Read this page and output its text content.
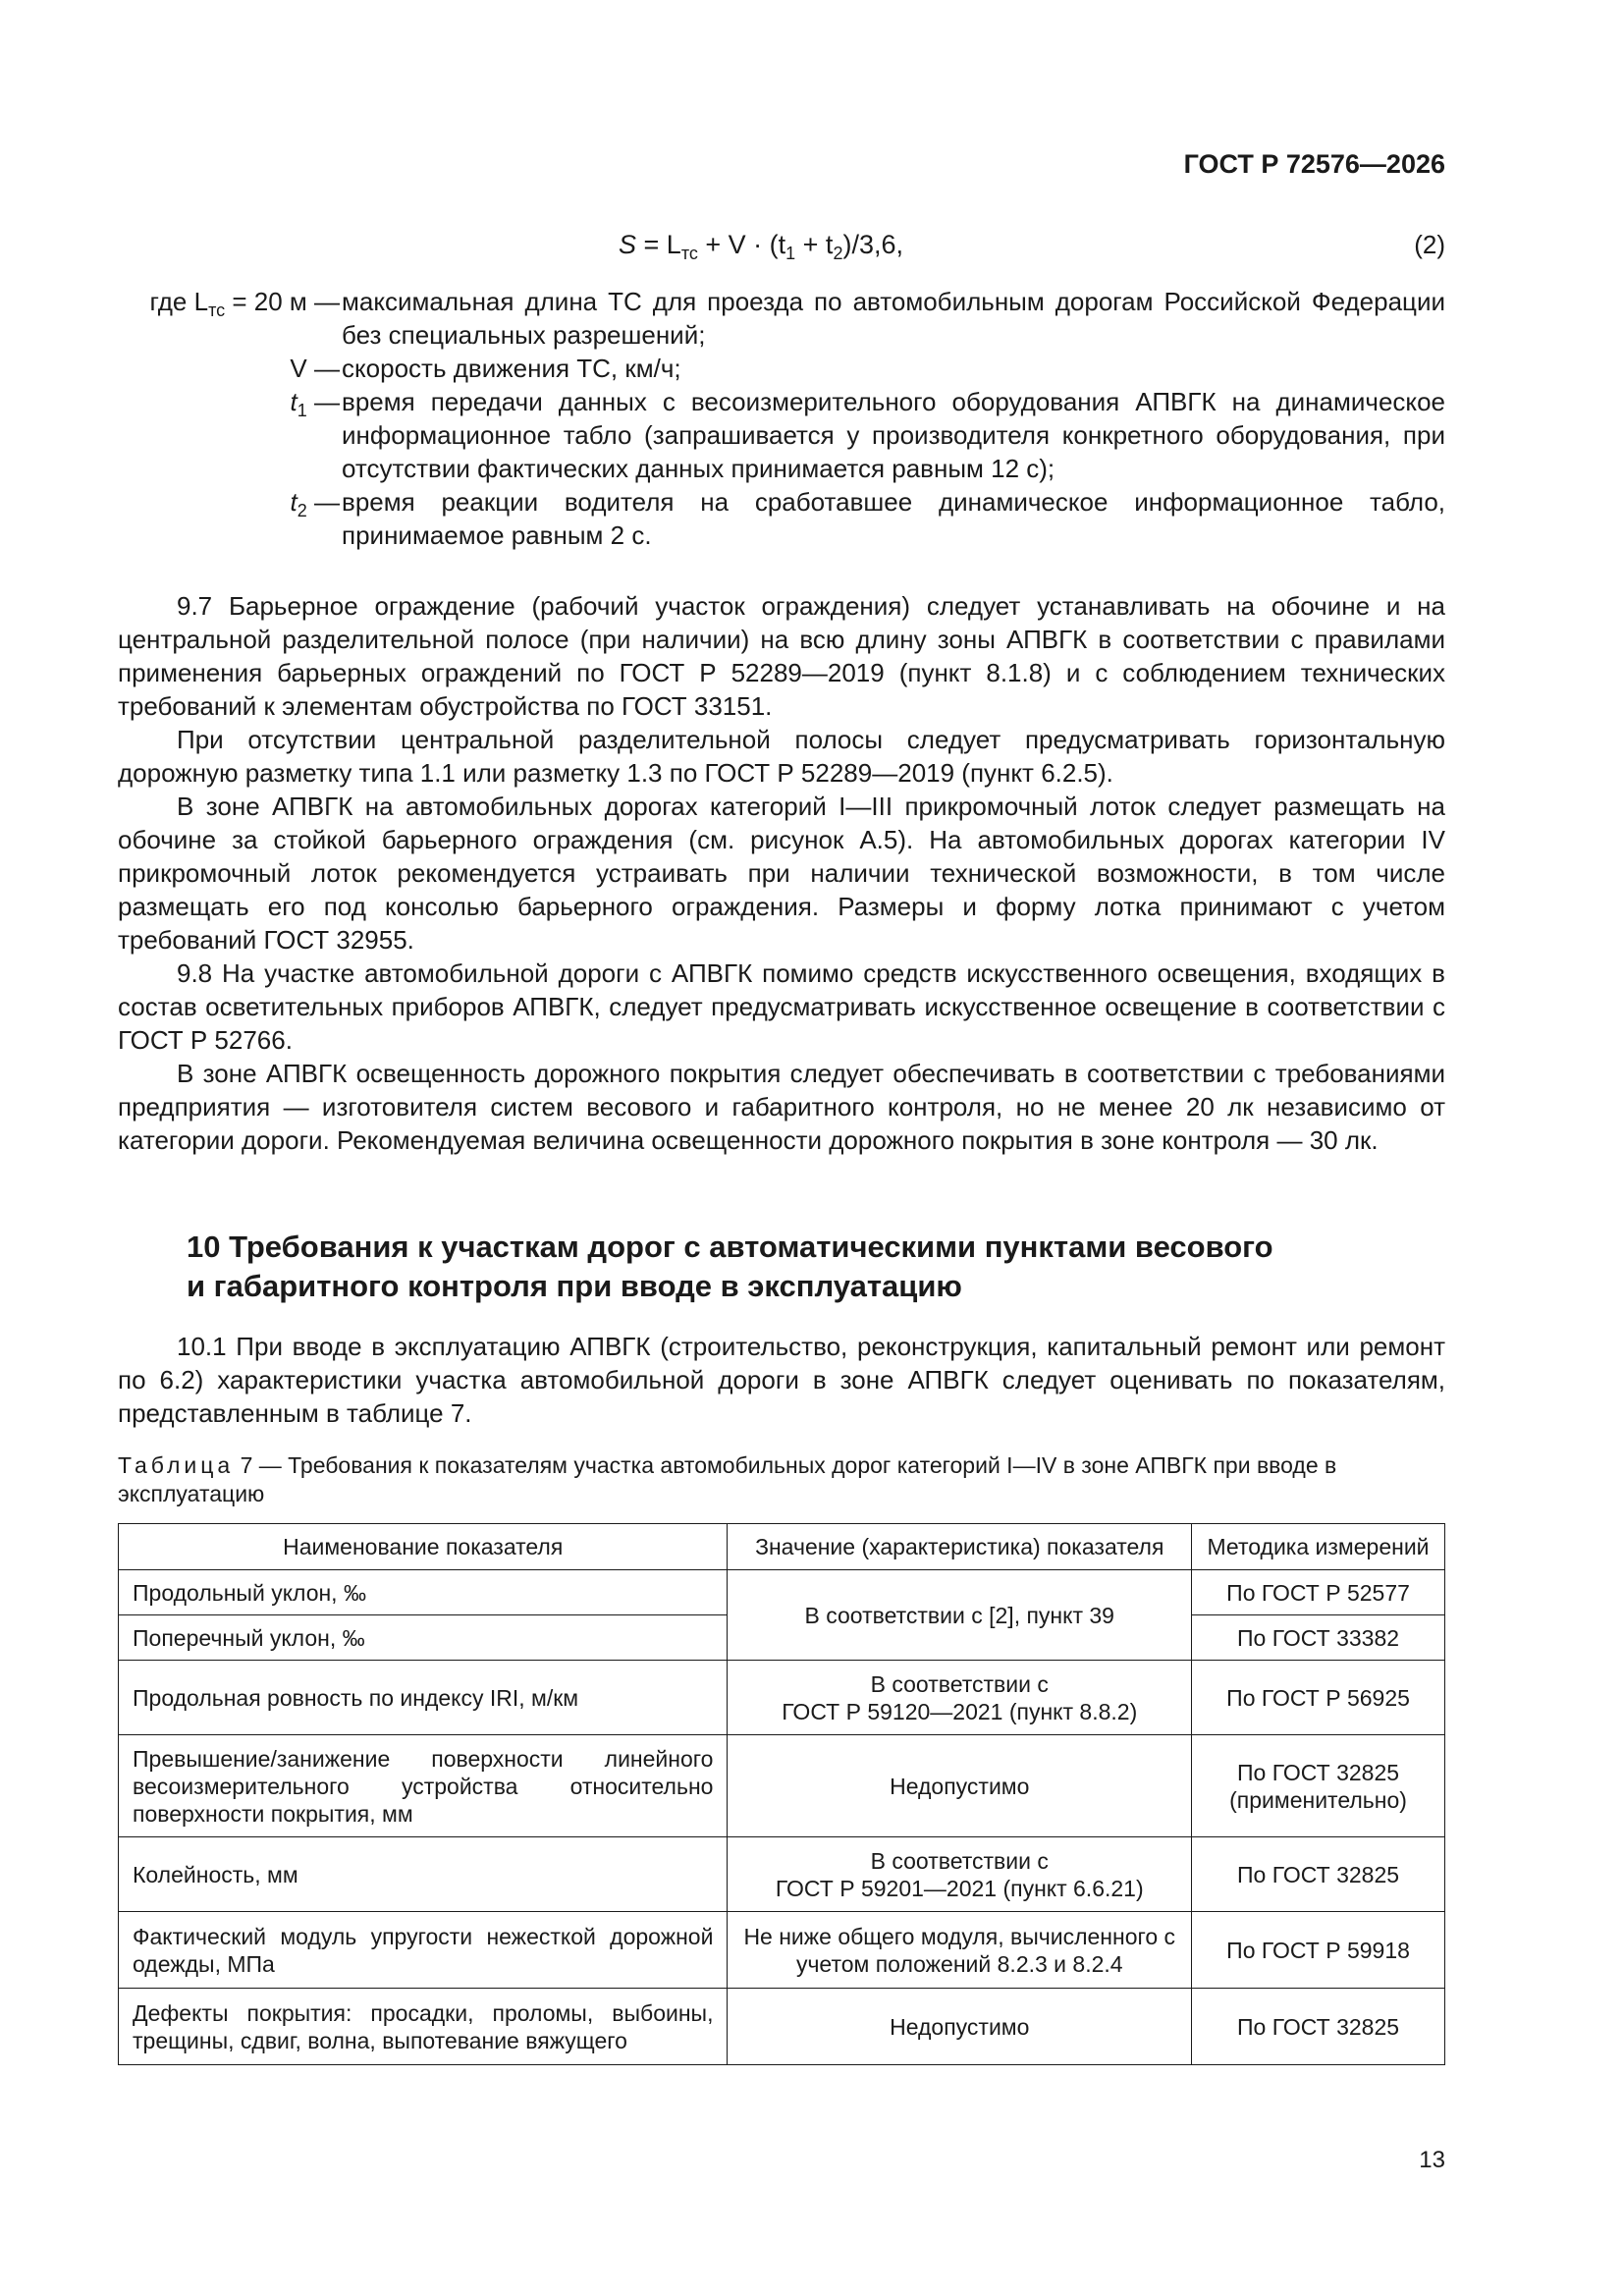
ГОСТ Р 72576—2026
$S = L_{тс} + V \cdot (t_1 + t_2)/3,6$,	(2)
где $L_{тс} = 20$ м — максимальная длина ТС для проезда по автомобильным дорогам Российской Федерации без специальных разрешений;
V — скорость движения ТС, км/ч;
$t_1$ — время передачи данных с весоизмерительного оборудования АПВГК на динамическое информационное табло (запрашивается у производителя конкретного оборудования, при отсутствии фактических данных принимается равным 12 с);
$t_2$ — время реакции водителя на сработавшее динамическое информационное табло, принимаемое равным 2 с.

9.7 Барьерное ограждение (рабочий участок ограждения) следует устанавливать на обочине и на центральной разделительной полосе (при наличии) на всю длину зоны АПВГК в соответствии с правилами применения барьерных ограждений по ГОСТ Р 52289—2019 (пункт 8.1.8) и с соблюдением технических требований к элементам обустройства по ГОСТ 33151.

При отсутствии центральной разделительной полосы следует предусматривать горизонтальную дорожную разметку типа 1.1 или разметку 1.3 по ГОСТ Р 52289—2019 (пункт 6.2.5).

В зоне АПВГК на автомобильных дорогах категорий I—III прикромочный лоток следует размещать на обочине за стойкой барьерного ограждения (см. рисунок А.5). На автомобильных дорогах категории IV прикромочный лоток рекомендуется устраивать при наличии технической возможности, в том числе размещать его под консолью барьерного ограждения. Размеры и форму лотка принимают с учетом требований ГОСТ 32955.

9.8 На участке автомобильной дороги с АПВГК помимо средств искусственного освещения, входящих в состав осветительных приборов АПВГК, следует предусматривать искусственное освещение в соответствии с ГОСТ Р 52766.

В зоне АПВГК освещенность дорожного покрытия следует обеспечивать в соответствии с требованиями предприятия — изготовителя систем весового и габаритного контроля, но не менее 20 лк независимо от категории дороги. Рекомендуемая величина освещенности дорожного покрытия в зоне контроля — 30 лк.

10 Требования к участкам дорог с автоматическими пунктами весового
и габаритного контроля при вводе в эксплуатацию

10.1 При вводе в эксплуатацию АПВГК (строительство, реконструкция, капитальный ремонт или ремонт по 6.2) характеристики участка автомобильной дороги в зоне АПВГК следует оценивать по показателям, представленным в таблице 7.

Таблица 7 — Требования к показателям участка автомобильных дорог категорий I—IV в зоне АПВГК при вводе в эксплуатацию
Наименование показателя	Значение (характеристика) показателя	Методика измерений
Продольный уклон, ‰	В соответствии с [2], пункт 39	По ГОСТ Р 52577
Поперечный уклон, ‰		По ГОСТ 33382
Продольная ровность по индексу IRI, м/км	В соответствии с
ГОСТ Р 59120—2021 (пункт 8.8.2)	По ГОСТ Р 56925
Превышение/занижение поверхности линейного весоизмерительного устройства относительно поверхности покрытия, мм	Недопустимо	По ГОСТ 32825
(применительно)

Колейность, мм	В соответствии с
ГОСТ Р 59201—2021 (пункт 6.6.21)	По ГОСТ 32825
Фактический модуль упругости нежесткой дорожной одежды, МПа	Не ниже общего модуля, вычисленного с учетом положений 8.2.3 и 8.2.4	По ГОСТ Р 59918
Дефекты покрытия: просадки, проломы, выбоины, трещины, сдвиг, волна, выпотевание вяжущего	Недопустимо	По ГОСТ 32825
13
